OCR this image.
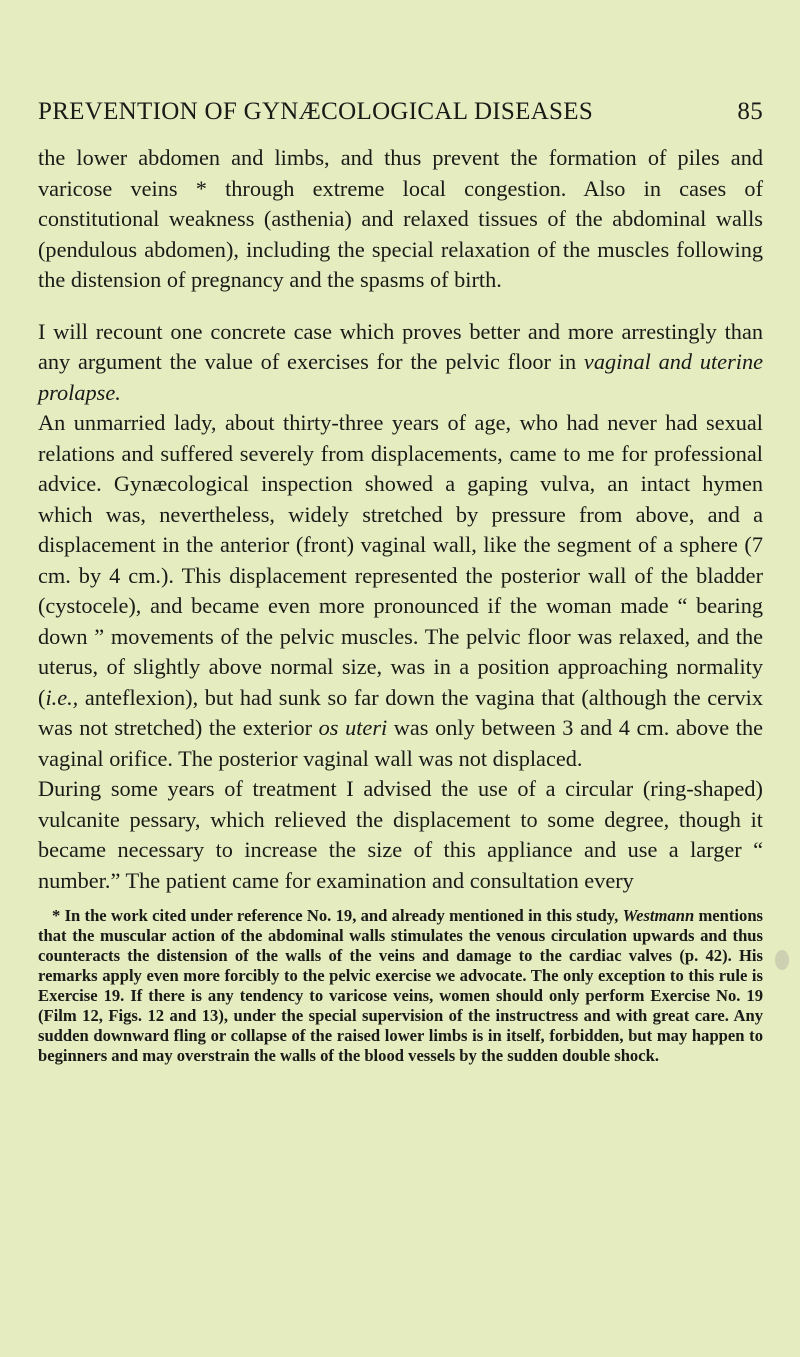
PREVENTION OF GYNÆCOLOGICAL DISEASES	85

the lower abdomen and limbs, and thus prevent the formation of piles and varicose veins * through extreme local congestion. Also in cases of constitutional weakness (asthenia) and relaxed tissues of the abdominal walls (pendulous abdomen), including the special relaxation of the muscles following the distension of pregnancy and the spasms of birth.

I will recount one concrete case which proves better and more arrestingly than any argument the value of exercises for the pelvic floor in vaginal and uterine prolapse.

An unmarried lady, about thirty-three years of age, who had never had sexual relations and suffered severely from displacements, came to me for professional advice. Gynæcological inspection showed a gaping vulva, an intact hymen which was, nevertheless, widely stretched by pressure from above, and a displacement in the anterior (front) vaginal wall, like the segment of a sphere (7 cm. by 4 cm.). This displacement represented the posterior wall of the bladder (cystocele), and became even more pronounced if the woman made “ bearing down ” movements of the pelvic muscles. The pelvic floor was relaxed, and the uterus, of slightly above normal size, was in a position approaching normality (i.e., anteflexion), but had sunk so far down the vagina that (although the cervix was not stretched) the exterior os uteri was only between 3 and 4 cm. above the vaginal orifice. The posterior vaginal wall was not displaced.

During some years of treatment I advised the use of a circular (ring-shaped) vulcanite pessary, which relieved the displacement to some degree, though it became necessary to increase the size of this appliance and use a larger “ number.” The patient came for examination and consultation every

* In the work cited under reference No. 19, and already mentioned in this study, Westmann mentions that the muscular action of the abdominal walls stimulates the venous circulation upwards and thus counteracts the distension of the walls of the veins and damage to the cardiac valves (p. 42). His remarks apply even more forcibly to the pelvic exercise we advocate. The only exception to this rule is Exercise 19. If there is any tendency to varicose veins, women should only perform Exercise No. 19 (Film 12, Figs. 12 and 13), under the special supervision of the instructress and with great care. Any sudden downward fling or collapse of the raised lower limbs is in itself, forbidden, but may happen to beginners and may overstrain the walls of the blood vessels by the sudden double shock.
